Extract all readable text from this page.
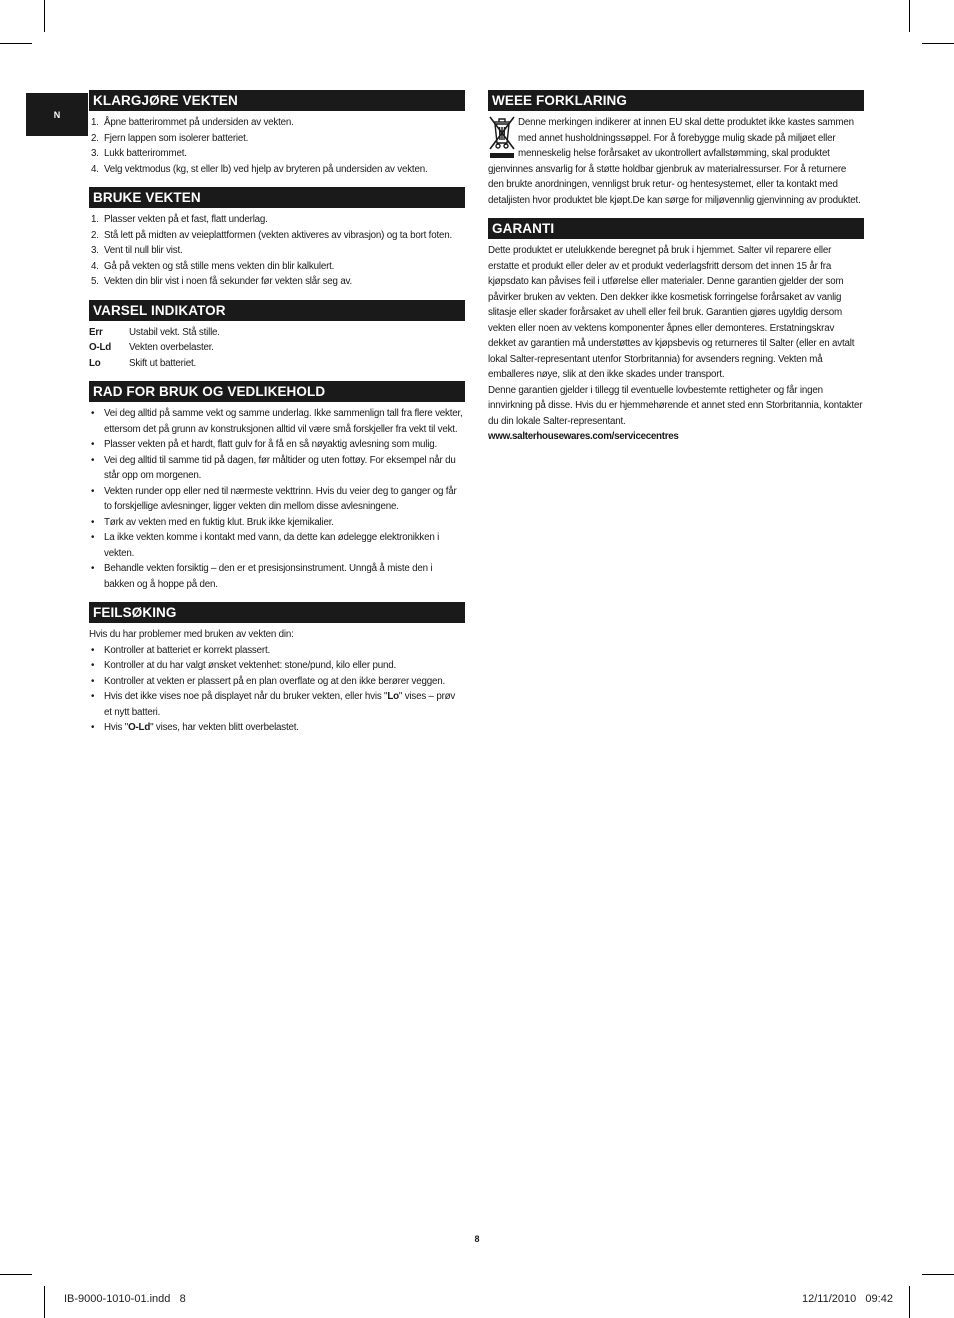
N
KLARGJØRE VEKTEN
1. Åpne batterirommet på undersiden av vekten.
2. Fjern lappen som isolerer batteriet.
3. Lukk batterirommet.
4. Velg vektmodus (kg, st eller lb) ved hjelp av bryteren på undersiden av vekten.
BRUKE VEKTEN
1. Plasser vekten på et fast, flatt underlag.
2. Stå lett på midten av veieplattformen (vekten aktiveres av vibrasjon) og ta bort foten.
3. Vent til null blir vist.
4. Gå på vekten og stå stille mens vekten din blir kalkulert.
5. Vekten din blir vist i noen få sekunder før vekten slår seg av.
VARSEL INDIKATOR
Err	Ustabil vekt. Stå stille.
O-Ld	Vekten overbelaster.
Lo	Skift ut batteriet.
RAD FOR BRUK OG VEDLIKEHOLD
• Vei deg alltid på samme vekt og samme underlag. Ikke sammenlign tall fra flere vekter, ettersom det på grunn av konstruksjonen alltid vil være små forskjeller fra vekt til vekt.
• Plasser vekten på et hardt, flatt gulv for å få en så nøyaktig avlesning som mulig.
• Vei deg alltid til samme tid på dagen, før måltider og uten fottøy. For eksempel når du står opp om morgenen.
• Vekten runder opp eller ned til nærmeste vekttrinn. Hvis du veier deg to ganger og får to forskjellige avlesninger, ligger vekten din mellom disse avlesningene.
• Tørk av vekten med en fuktig klut. Bruk ikke kjemikalier.
• La ikke vekten komme i kontakt med vann, da dette kan ødelegge elektronikken i vekten.
• Behandle vekten forsiktig – den er et presisjonsinstrument. Unngå å miste den i bakken og å hoppe på den.
FEILSØKING

Hvis du har problemer med bruken av vekten din:

• Kontroller at batteriet er korrekt plassert.
• Kontroller at du har valgt ønsket vektenhet: stone/pund, kilo eller pund.
• Kontroller at vekten er plassert på en plan overflate og at den ikke berører veggen.
• Hvis det ikke vises noe på displayet når du bruker vekten, eller hvis "Lo" vises – prøv et nytt batteri.
• Hvis "O-Ld" vises, har vekten blitt overbelastet.
WEEE FORKLARING

Denne merkingen indikerer at innen EU skal dette produktet ikke kastes sammen med annet husholdningssøppel. For å forebygge mulig skade på miljøet eller menneskelig helse forårsaket av ukontrollert avfallstømming, skal produktet gjenvinnes ansvarlig for å støtte holdbar gjenbruk av materialressurser. For å returnere den brukte anordningen, vennligst bruk retur- og hentesystemet, eller ta kontakt med detaljisten hvor produktet ble kjøpt.De kan sørge for miljøvennlig gjenvinning av produktet.

GARANTI

Dette produktet er utelukkende beregnet på bruk i hjemmet. Salter vil reparere eller erstatte et produkt eller deler av et produkt vederlagsfritt dersom det innen 15 år fra kjøpsdato kan påvises feil i utførelse eller materialer. Denne garantien gjelder der som påvirker bruken av vekten. Den dekker ikke kosmetisk forringelse forårsaket av vanlig slitasje eller skader forårsaket av uhell eller feil bruk. Garantien gjøres ugyldig dersom vekten eller noen av vektens komponenter åpnes eller demonteres. Erstatningskrav dekket av garantien må understøttes av kjøpsbevis og returneres til Salter (eller en avtalt lokal Salter-representant utenfor Storbritannia) for avsenders regning. Vekten må emballeres nøye, slik at den ikke skades under transport.

Denne garantien gjelder i tillegg til eventuelle lovbestemte rettigheter og får ingen innvirkning på disse. Hvis du er hjemmehørende et annet sted enn Storbritannia, kontakter du din lokale Salter-representant.

www.salterhousewares.com/servicecentres
8
IB-9000-1010-01.indd   8	12/11/2010   09:42
